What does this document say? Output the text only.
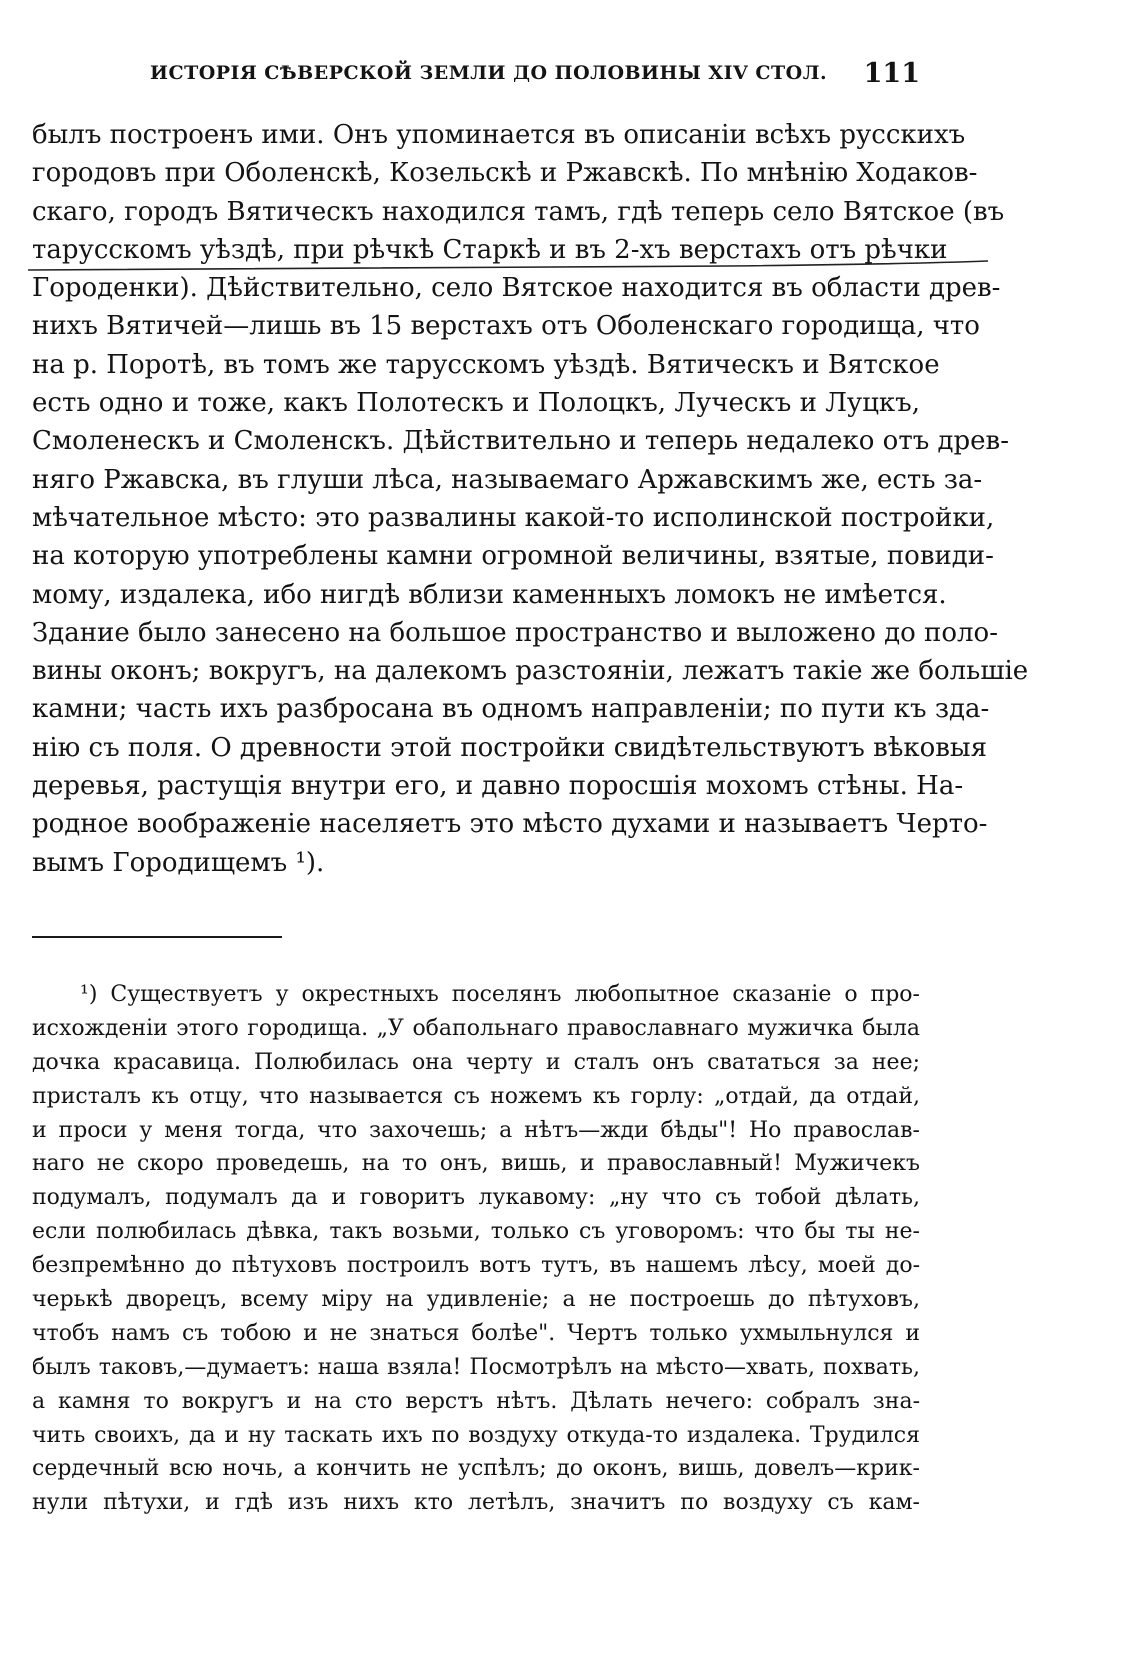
ИСТОРІЯ СѢВЕРСКОЙ ЗЕМЛИ ДО ПОЛОВИНЫ XIV СТОЛ. 111
былъ построенъ ими. Онъ упоминается въ описаніи всѣхъ русскихъ
городовъ при Оболенскѣ, Козельскѣ и Ржавскѣ. По мнѣнію Ходаков-
скаго, городъ Вятическъ находился тамъ, гдѣ теперь село Вятское (въ
тарусскомъ уѣздѣ, при рѣчкѣ Старкѣ и въ 2-хъ верстахъ отъ рѣчки
Городенки). Дѣйствительно, село Вятское находится въ области древ-
нихъ Вятичей—лишь въ 15 верстахъ отъ Оболенскаго городища, что
на р. Поротѣ, въ томъ же тарусскомъ уѣздѣ. Вятическъ и Вятское
есть одно и тоже, какъ Полотескъ и Полоцкъ, Луческъ и Луцкъ,
Смоленескъ и Смоленскъ. Дѣйствительно и теперь недалеко отъ древ-
няго Ржавска, въ глуши лѣса, называемаго Аржавскимъ же, есть за-
мѣчательное мѣсто: это развалины какой-то исполинской постройки,
на которую употреблены камни огромной величины, взятые, повиди-
мому, издалека, ибо нигдѣ вблизи каменныхъ ломокъ не имѣется.
Здание было занесено на большое пространство и выложено до поло-
вины оконъ; вокругъ, на далекомъ разстояніи, лежатъ такіе же большіе
камни; часть ихъ разбросана въ одномъ направленіи; по пути къ зда-
нію съ поля. О древности этой постройки свидѣтельствуютъ вѣковыя
деревья, растущія внутри его, и давно поросшія мохомъ стѣны. На-
родное воображеніе населяетъ это мѣсто духами и называетъ Черто-
вымъ Городищемъ ¹).
¹) Существуетъ у окрестныхъ поселянъ любопытное сказаніе о про-
исхожденіи этого городища. „У обапольнаго православнаго мужичка была
дочка красавица. Полюбилась она черту и сталъ онъ свататься за нее;
присталъ къ отцу, что называется съ ножемъ къ горлу: „отдай, да отдай,
и проси у меня тогда, что захочешь; а нѣтъ—жди бѣды"! Но православ-
наго не скоро проведешь, на то онъ, вишь, и православный! Мужичекъ
подумалъ, подумалъ да и говоритъ лукавому: „ну что съ тобой дѣлать,
если полюбилась дѣвка, такъ возьми, только съ уговоромъ: что бы ты не-
безпремѣнно до пѣтуховъ построилъ вотъ тутъ, въ нашемъ лѣсу, моей до-
черькѣ дворецъ, всему міру на удивленіе; а не построешь до пѣтуховъ,
чтобъ намъ съ тобою и не знаться болѣе". Чертъ только ухмыльнулся и
былъ таковъ,—думаетъ: наша взяла! Посмотрѣлъ на мѣсто—хвать, похвать,
а камня то вокругъ и на сто верстъ нѣтъ. Дѣлать нечего: собралъ зна-
чить своихъ, да и ну таскать ихъ по воздуху откуда-то издалека. Трудился
сердечный всю ночь, а кончить не успѣлъ; до оконъ, вишь, довелъ—крик-
нули пѣтухи, и гдѣ изъ нихъ кто летѣлъ, значитъ по воздуху съ кам-
